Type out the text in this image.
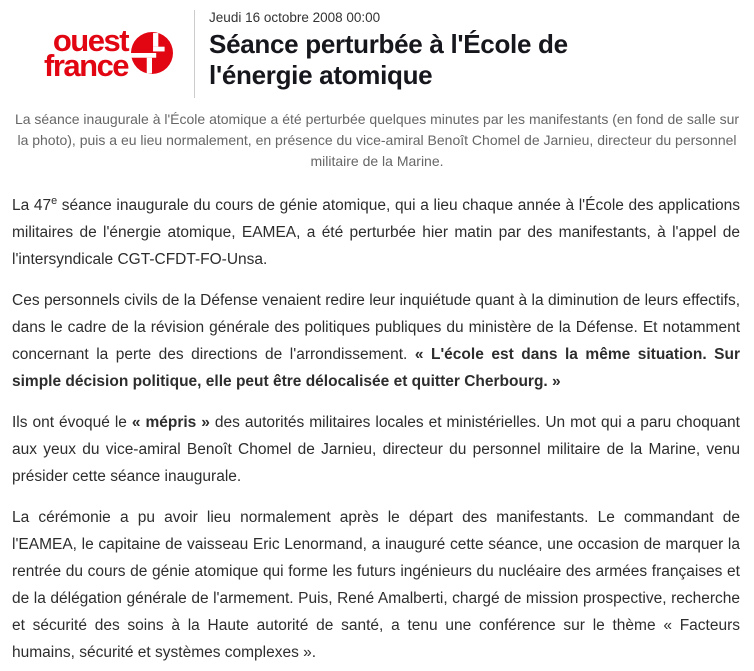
ouest
france
Jeudi 16 octobre 2008 00:00
Séance perturbée à l'École de l'énergie atomique
La séance inaugurale à l'École atomique a été perturbée quelques minutes par les manifestants (en fond de salle sur la photo), puis a eu lieu normalement, en présence du vice-amiral Benoît Chomel de Jarnieu, directeur du personnel militaire de la Marine.

La 47e séance inaugurale du cours de génie atomique, qui a lieu chaque année à l'École des applications militaires de l'énergie atomique, EAMEA, a été perturbée hier matin par des manifestants, à l'appel de l'intersyndicale CGT-CFDT-FO-Unsa.

Ces personnels civils de la Défense venaient redire leur inquiétude quant à la diminution de leurs effectifs, dans le cadre de la révision générale des politiques publiques du ministère de la Défense. Et notamment concernant la perte des directions de l'arrondissement. « L'école est dans la même situation. Sur simple décision politique, elle peut être délocalisée et quitter Cherbourg. »

Ils ont évoqué le « mépris » des autorités militaires locales et ministérielles. Un mot qui a paru choquant aux yeux du vice-amiral Benoît Chomel de Jarnieu, directeur du personnel militaire de la Marine, venu présider cette séance inaugurale.

La cérémonie a pu avoir lieu normalement après le départ des manifestants. Le commandant de l'EAMEA, le capitaine de vaisseau Eric Lenormand, a inauguré cette séance, une occasion de marquer la rentrée du cours de génie atomique qui forme les futurs ingénieurs du nucléaire des armées françaises et de la délégation générale de l'armement. Puis, René Amalberti, chargé de mission prospective, recherche et sécurité des soins à la Haute autorité de santé, a tenu une conférence sur le thème « Facteurs humains, sécurité et systèmes complexes ».
